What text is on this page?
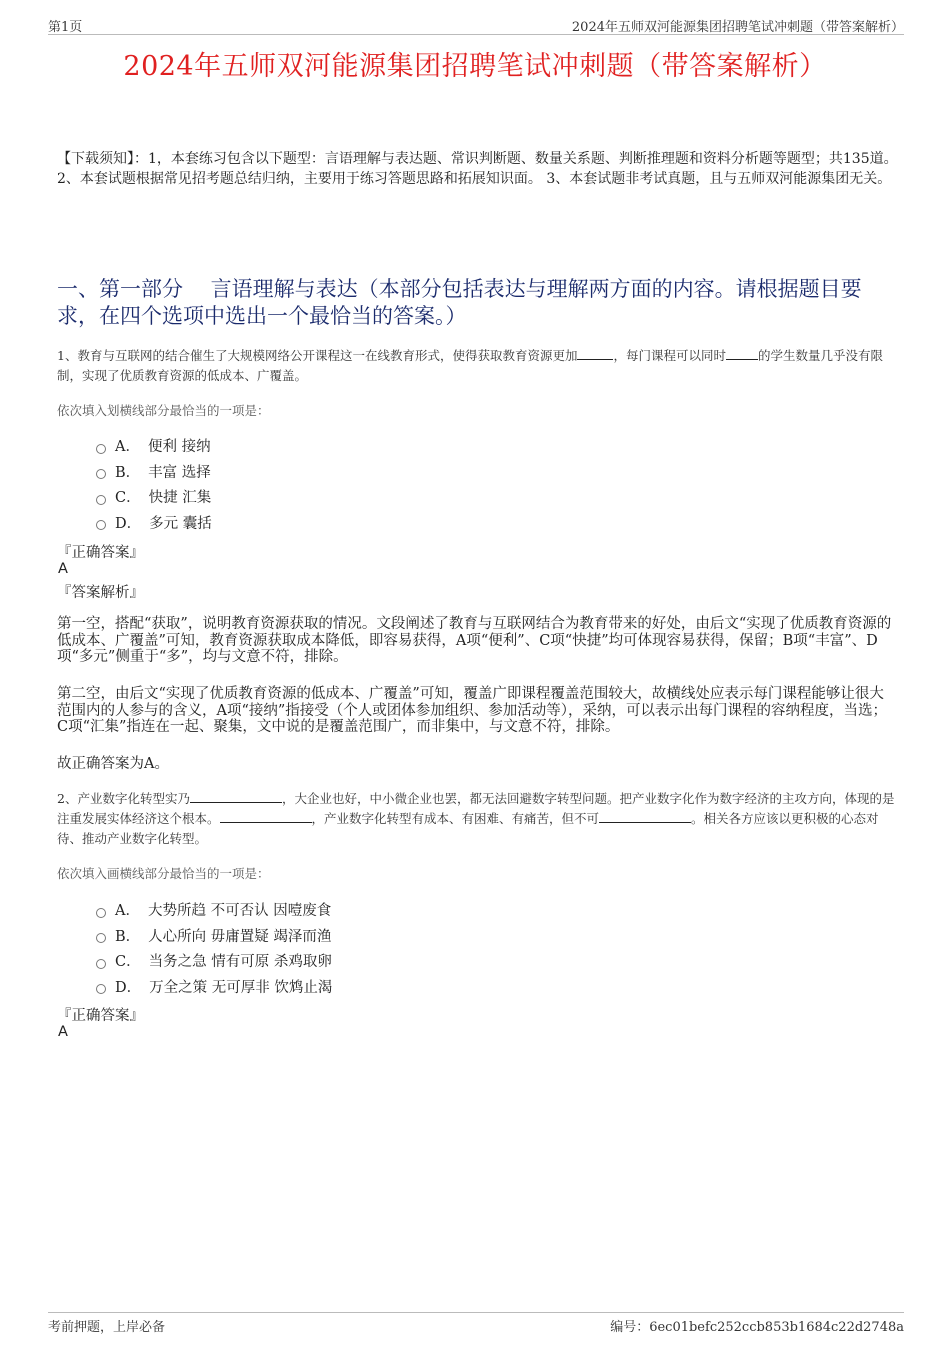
第1页	2024年五师双河能源集团招聘笔试冲刺题（带答案解析）
2024年五师双河能源集团招聘笔试冲刺题（带答案解析）
【下载须知】：1，本套练习包含以下题型：言语理解与表达题、常识判断题、数量关系题、判断推理题和资料分析题等题型；共135道。 2、本套试题根据常见招考题总结归纳，主要用于练习答题思路和拓展知识面。 3、本套试题非考试真题，且与五师双河能源集团无关。
一、第一部分　 言语理解与表达（本部分包括表达与理解两方面的内容。请根据题目要求，在四个选项中选出一个最恰当的答案。）
1、教育与互联网的结合催生了大规模网络公开课程这一在线教育形式，使得获取教育资源更加	，每门课程可以同时	的学生数量几乎没有限制，实现了优质教育资源的低成本、广覆盖。
依次填入划横线部分最恰当的一项是：
A． 便利 接纳
B． 丰富 选择
C． 快捷 汇集
D． 多元 囊括
『正确答案』
A
『答案解析』
第一空，搭配“获取”，说明教育资源获取的情况。文段阐述了教育与互联网结合为教育带来的好处，由后文“实现了优质教育资源的低成本、广覆盖”可知，教育资源获取成本降低，即容易获得，A项“便利”、C项“快捷”均可体现容易获得，保留；B项“丰富”、D项“多元”侧重于“多”，均与文意不符，排除。
第二空，由后文“实现了优质教育资源的低成本、广覆盖”可知，覆盖广即课程覆盖范围较大，故横线处应表示每门课程能够让很大范围内的人参与的含义，A项“接纳”指接受（个人或团体参加组织、参加活动等），采纳，可以表示出每门课程的容纳程度，当选；C项“汇集”指连在一起、聚集，文中说的是覆盖范围广，而非集中，与文意不符，排除。
故正确答案为A。
2、产业数字化转型实乃	，大企业也好，中小微企业也罢，都无法回避数字转型问题。把产业数字化作为数字经济的主攻方向，体现的是注重发展实体经济这个根本。	，产业数字化转型有成本、有困难、有痛苦，但不可	。相关各方应该以更积极的心态对待、推动产业数字化转型。
依次填入画横线部分最恰当的一项是：
A． 大势所趋 不可否认 因噎废食
B． 人心所向 毋庸置疑 竭泽而渔
C． 当务之急 情有可原 杀鸡取卵
D． 万全之策 无可厚非 饮鸩止渴
『正确答案』
A
考前押题，上岸必备	编号：6ec01befc252ccb853b1684c22d2748a
